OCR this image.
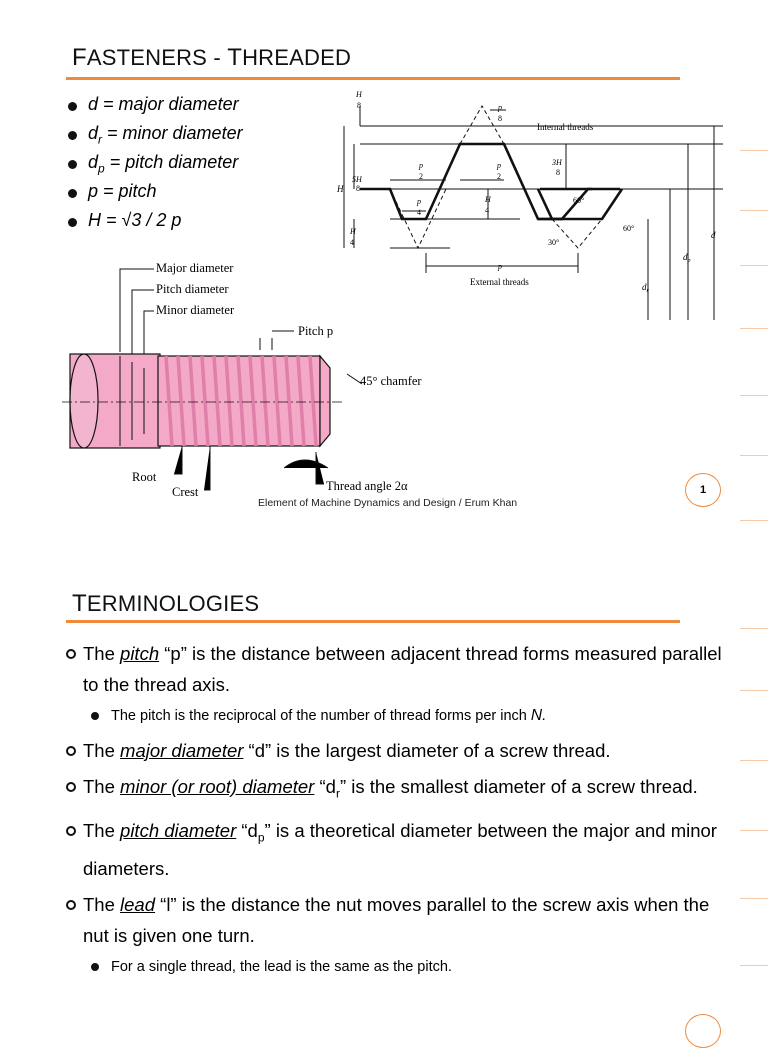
FASTENERS - THREADED
d = major diameter
$d_r$ = minor diameter
$d_p$ = pitch diameter
p = pitch
H = √3 / 2 p
Internal threads
External threads
H
8	p
8
p
2
p
2
p
4
H
4
H
4
5H
8
3H
8
H
60°
60°
30°
p
d
$d_p$
$d_r$
Major diameter
Pitch diameter
Minor diameter
Pitch p
45° chamfer
Root
Crest	Thread angle 2α
Element of Machine Dynamics and Design / Erum Khan
1
TERMINOLOGIES
The pitch “p” is the distance between adjacent thread forms measured parallel to the thread axis.
The pitch is the reciprocal of the number of thread forms per inch N.
The major diameter “d” is the largest diameter of a screw thread.
The minor (or root) diameter “$d_r$” is the smallest diameter of a screw thread.
The pitch diameter “$d_p$” is a theoretical diameter between the major and minor diameters.
The lead “l” is the distance the nut moves parallel to the screw axis when the nut is given one turn.
For a single thread, the lead is the same as the pitch.
